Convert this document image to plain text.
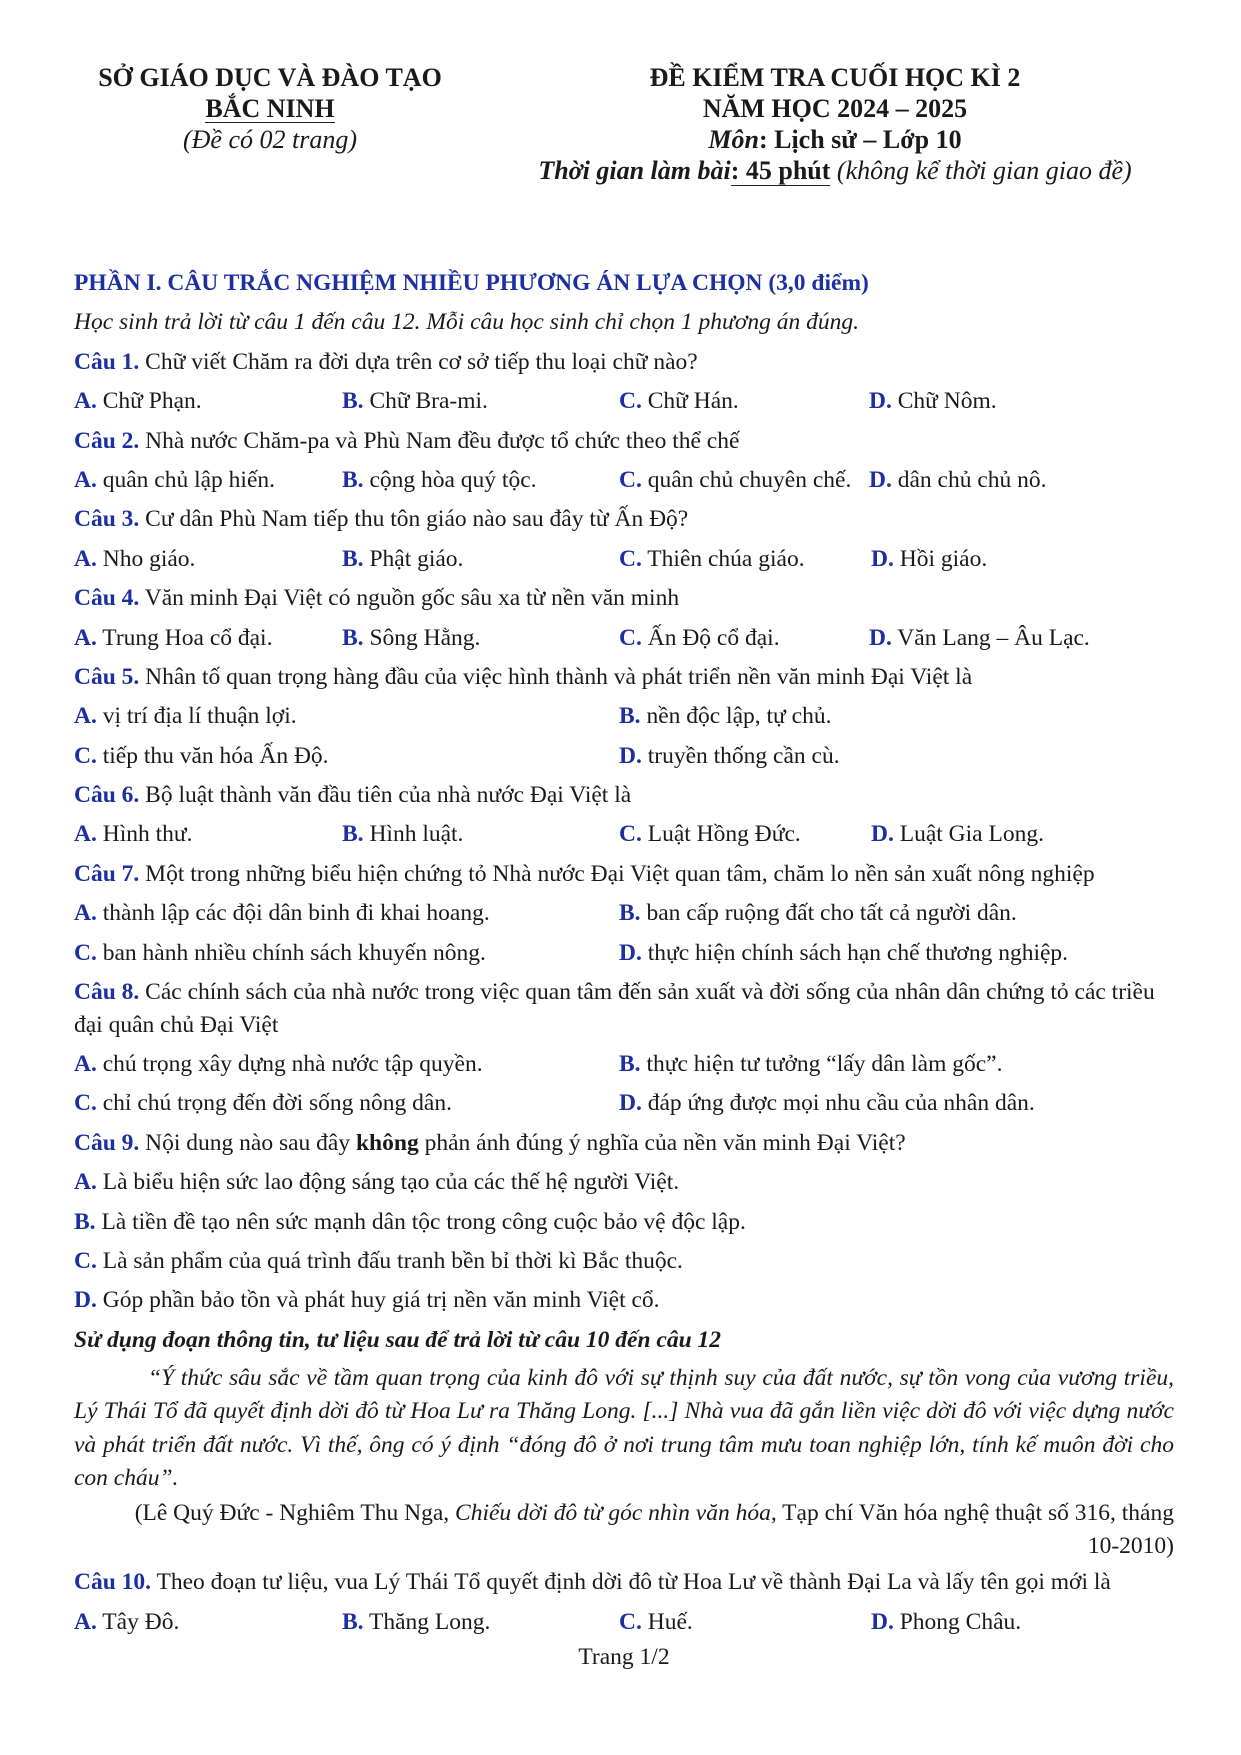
SỞ GIÁO DỤC VÀ ĐÀO TẠO
BẮC NINH
(Đề có 02 trang)
ĐỀ KIỂM TRA CUỐI HỌC KÌ 2
NĂM HỌC 2024 – 2025
Môn: Lịch sử – Lớp 10
Thời gian làm bài: 45 phút (không kể thời gian giao đề)
PHẦN I. CÂU TRẮC NGHIỆM NHIỀU PHƯƠNG ÁN LỰA CHỌN (3,0 điểm)
Học sinh trả lời từ câu 1 đến câu 12. Mỗi câu học sinh chỉ chọn 1 phương án đúng.
Câu 1. Chữ viết Chăm ra đời dựa trên cơ sở tiếp thu loại chữ nào?
A. Chữ Phạn.	B. Chữ Bra-mi.	C. Chữ Hán.	D. Chữ Nôm.
Câu 2. Nhà nước Chăm-pa và Phù Nam đều được tổ chức theo thể chế
A. quân chủ lập hiến.	B. cộng hòa quý tộc.	C. quân chủ chuyên chế. D. dân chủ chủ nô.
Câu 3. Cư dân Phù Nam tiếp thu tôn giáo nào sau đây từ Ấn Độ?
A. Nho giáo.	B. Phật giáo.	C. Thiên chúa giáo.	D. Hồi giáo.
Câu 4. Văn minh Đại Việt có nguồn gốc sâu xa từ nền văn minh
A. Trung Hoa cổ đại.	B. Sông Hằng.	C. Ấn Độ cổ đại.	D. Văn Lang – Âu Lạc.
Câu 5. Nhân tố quan trọng hàng đầu của việc hình thành và phát triển nền văn minh Đại Việt là
A. vị trí địa lí thuận lợi.	B. nền độc lập, tự chủ.
C. tiếp thu văn hóa Ấn Độ.	D. truyền thống cần cù.
Câu 6. Bộ luật thành văn đầu tiên của nhà nước Đại Việt là
A. Hình thư.	B. Hình luật.	C. Luật Hồng Đức.	D. Luật Gia Long.
Câu 7. Một trong những biểu hiện chứng tỏ Nhà nước Đại Việt quan tâm, chăm lo nền sản xuất nông nghiệp
A. thành lập các đội dân binh đi khai hoang.	B. ban cấp ruộng đất cho tất cả người dân.
C. ban hành nhiều chính sách khuyến nông.	D. thực hiện chính sách hạn chế thương nghiệp.
Câu 8. Các chính sách của nhà nước trong việc quan tâm đến sản xuất và đời sống của nhân dân chứng tỏ các triều đại quân chủ Đại Việt
A. chú trọng xây dựng nhà nước tập quyền.	B. thực hiện tư tưởng “lấy dân làm gốc”.
C. chỉ chú trọng đến đời sống nông dân.	D. đáp ứng được mọi nhu cầu của nhân dân.
Câu 9. Nội dung nào sau đây không phản ánh đúng ý nghĩa của nền văn minh Đại Việt?
A. Là biểu hiện sức lao động sáng tạo của các thế hệ người Việt.
B. Là tiền đề tạo nên sức mạnh dân tộc trong công cuộc bảo vệ độc lập.
C. Là sản phẩm của quá trình đấu tranh bền bỉ thời kì Bắc thuộc.
D. Góp phần bảo tồn và phát huy giá trị nền văn minh Việt cổ.
Sử dụng đoạn thông tin, tư liệu sau để trả lời từ câu 10 đến câu 12
“Ý thức sâu sắc về tầm quan trọng của kinh đô với sự thịnh suy của đất nước, sự tồn vong của vương triều, Lý Thái Tổ đã quyết định dời đô từ Hoa Lư ra Thăng Long. [...] Nhà vua đã gắn liền việc dời đô với việc dựng nước và phát triển đất nước. Vì thế, ông có ý định “đóng đô ở nơi trung tâm mưu toan nghiệp lớn, tính kế muôn đời cho con cháu”.
(Lê Quý Đức - Nghiêm Thu Nga, Chiếu dời đô từ góc nhìn văn hóa, Tạp chí Văn hóa nghệ thuật số 316, tháng 10-2010)
Câu 10. Theo đoạn tư liệu, vua Lý Thái Tổ quyết định dời đô từ Hoa Lư về thành Đại La và lấy tên gọi mới là
A. Tây Đô.	B. Thăng Long.	C. Huế.	D. Phong Châu.
Trang 1/2
